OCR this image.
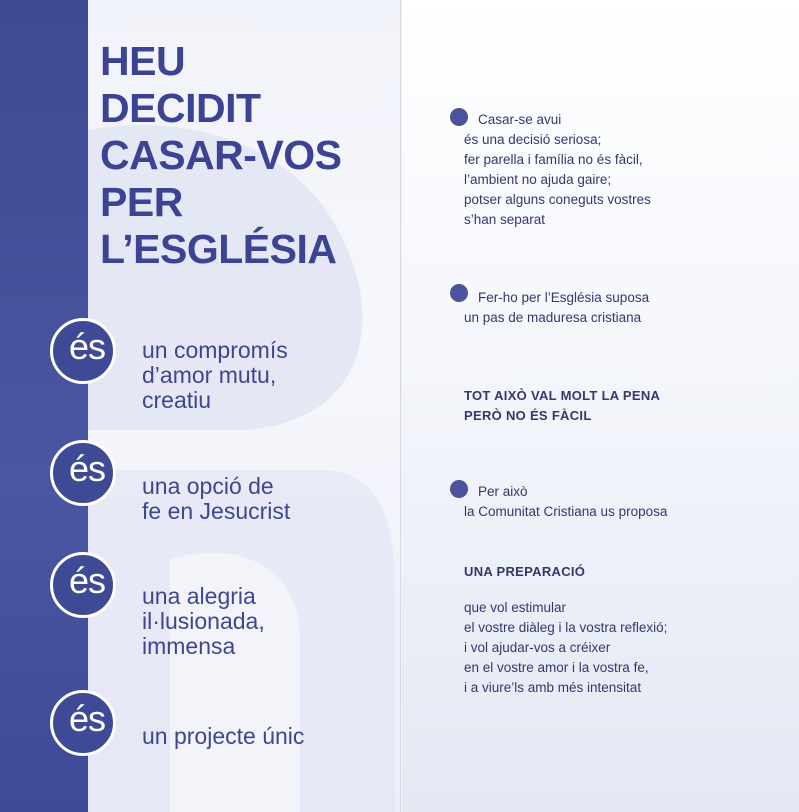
HEU
DECIDIT
CASAR-VOS
PER
L’ESGLÉSIA
és	un compromís
d’amor mutu,
creatiu
és	una opció de
fe en Jesucrist
és	una alegria
il·lusionada,
immensa
és	un projecte únic
Casar-se avui
és una decisió seriosa;
fer parella i família no és fàcil,
l’ambient no ajuda gaire;
potser alguns coneguts vostres
s’han separat
Fer-ho per l’Església suposa
un pas de maduresa cristiana
TOT AIXÒ VAL MOLT LA PENA
PERÒ NO ÉS FÀCIL
Per això
la Comunitat Cristiana us proposa
UNA PREPARACIÓ
que vol estimular
el vostre diàleg i la vostra reflexió;
i vol ajudar-vos a créixer
en el vostre amor i la vostra fe,
i a viure’ls amb més intensitat
